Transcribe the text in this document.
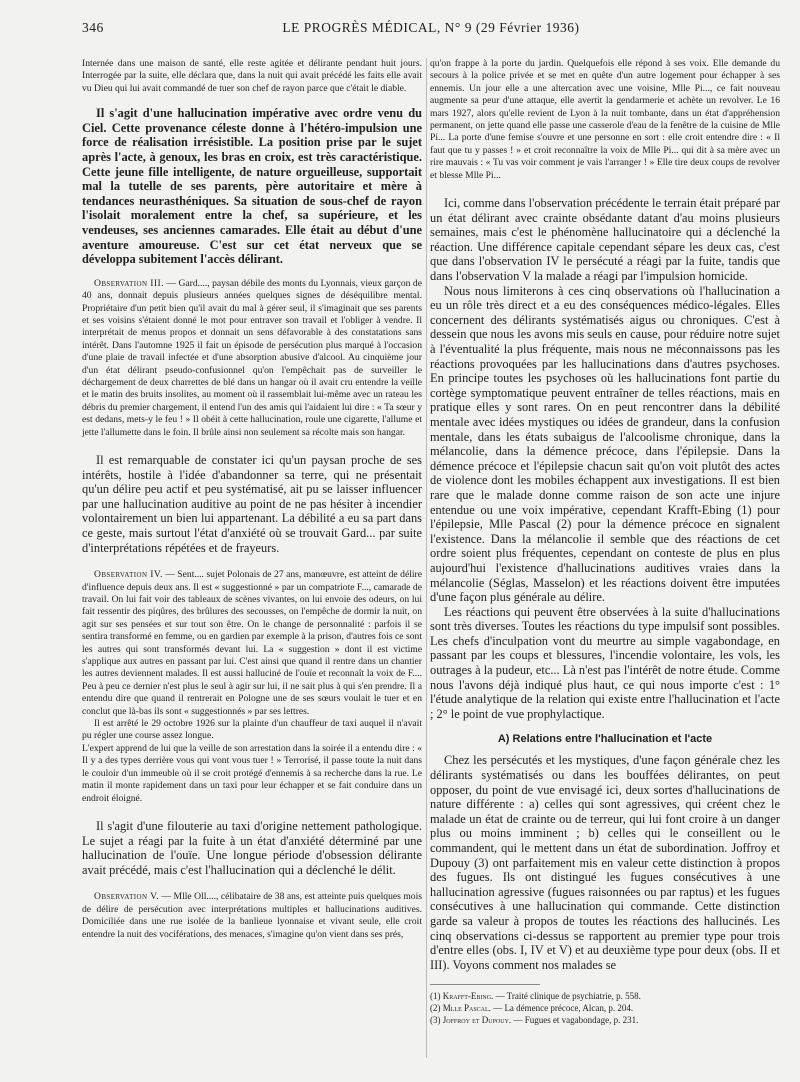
346	LE PROGRÈS MÉDICAL, N° 9 (29 Février 1936)

Internée dans une maison de santé, elle reste agitée et délirante pendant huit jours. Interrogée par la suite, elle déclara que, dans la nuit qui avait précédé les faits elle avait vu Dieu qui lui avait commandé de tuer son chef de rayon parce que c'était le diable.

Il s'agit d'une hallucination impérative avec ordre venu du Ciel. Cette provenance céleste donne à l'hétéro-impulsion une force de réalisation irrésistible. La position prise par le sujet après l'acte, à genoux, les bras en croix, est très caractéristique. Cette jeune fille intelligente, de nature orgueilleuse, supportait mal la tutelle de ses parents, père autoritaire et mère à tendances neurasthéniques. Sa situation de sous-chef de rayon l'isolait moralement entre la chef, sa supérieure, et les vendeuses, ses anciennes camarades. Elle était au début d'une aventure amoureuse. C'est sur cet état nerveux que se développa subitement l'accès délirant.

Observation III. — Gard...., paysan débile des monts du Lyonnais, vieux garçon de 40 ans, donnait depuis plusieurs années quelques signes de déséquilibre mental. Propriétaire d'un petit bien qu'il avait du mal à gérer seul, il s'imaginait que ses parents et ses voisins s'étaient donné le mot pour entraver son travail et l'obliger à vendre. Il interprétait de menus propos et donnait un sens défavorable à des constatations sans intérêt. Dans l'automne 1925 il fait un épisode de persécution plus marqué à l'occasion d'une plaie de travail infectée et d'une absorption abusive d'alcool. Au cinquième jour d'un état délirant pseudo-confusionnel qu'on l'empêchait pas de surveiller le déchargement de deux charrettes de blé dans un hangar où il avait cru entendre la veille et le matin des bruits insolites, au moment où il rassemblait lui-même avec un rateau les débris du premier chargement, il entend l'un des amis qui l'aidaient lui dire : « Ta sœur y est dedans, mets-y le feu ! » Il obéit à cette hallucination, roule une cigarette, l'allume et jette l'allumette dans le foin. Il brûle ainsi non seulement sa récolte mais son hangar.

Il est remarquable de constater ici qu'un paysan proche de ses intérêts, hostile à l'idée d'abandonner sa terre, qui ne présentait qu'un délire peu actif et peu systématisé, ait pu se laisser influencer par une hallucination auditive au point de ne pas hésiter à incendier volontairement un bien lui appartenant. La débilité a eu sa part dans ce geste, mais surtout l'état d'anxiété où se trouvait Gard... par suite d'interprétations répétées et de frayeurs.

Observation IV. — Sent.... sujet Polonais de 27 ans, manœuvre, est atteint de délire d'influence depuis deux ans. Il est « suggestionné » par un compatriote F..., camarade de travail. On lui fait voir des tableaux de scènes vivantes, on lui envoie des odeurs, on lui fait ressentir des piqûres, des brûlures des secousses, on l'empêche de dormir la nuit, on agit sur ses pensées et sur tout son être. On le change de personnalité : parfois il se sentira transformé en femme, ou en gardien par exemple à la prison, d'autres fois ce sont les autres qui sont transformés devant lui. La « suggestion » dont il est victime s'applique aux autres en passant par lui. C'est ainsi que quand il rentre dans un chantier les autres deviennent malades. Il est aussi halluciné de l'ouïe et reconnaît la voix de F.... Peu à peu ce dernier n'est plus le seul à agir sur lui, il ne sait plus à qui s'en prendre. Il a entendu dire que quand il rentrerait en Pologne une de ses sœurs voulait le tuer et en conclut que là-bas ils sont « suggestionnés » par ses lettres.

Il est arrêté le 29 octobre 1926 sur la plainte d'un chauffeur de taxi auquel il n'avait pu régler une course assez longue.

L'expert apprend de lui que la veille de son arrestation dans la soirée il a entendu dire : « Il y a des types derrière vous qui vont vous tuer ! » Terrorisé, il passe toute la nuit dans le couloir d'un immeuble où il se croit protégé d'ennemis à sa recherche dans la rue. Le matin il monte rapidement dans un taxi pour leur échapper et se fait conduire dans un endroit éloigné.

Il s'agit d'une filouterie au taxi d'origine nettement pathologique. Le sujet a réagi par la fuite à un état d'anxiété déterminé par une hallucination de l'ouïe. Une longue période d'obsession délirante avait précédé, mais c'est l'hallucination qui a déclenché le délit.

Observation V. — Mlle Oll...., célibataire de 38 ans, est atteinte puis quelques mois de délire de persécution avec interprétations multiples et hallucinations auditives. Domiciliée dans une rue isolée de la banlieue lyonnaise et vivant seule, elle croit entendre la nuit des vociférations, des menaces, s'imagine qu'on vient dans ses prés,

qu'on frappe à la porte du jardin. Quelquefois elle répond à ses voix. Elle demande du secours à la police privée et se met en quête d'un autre logement pour échapper à ses ennemis. Un jour elle a une altercation avec une voisine, Mlle Pi..., ce fait nouveau augmente sa peur d'une attaque, elle avertit la gendarmerie et achète un revolver. Le 16 mars 1927, alors qu'elle revient de Lyon à la nuit tombante, dans un état d'appréhension permanent, on jette quand elle passe une casserole d'eau de la fenêtre de la cuisine de Mlle Pi... La porte d'une femise s'ouvre et une personne en sort : elle croit entendre dire : « Il faut que tu y passes ! » et croit reconnaître la voix de Mlle Pi... qui dit à sa mère avec un rire mauvais : « Tu vas voir comment je vais l'arranger ! » Elle tire deux coups de revolver et blesse Mlle Pi...

Ici, comme dans l'observation précédente le terrain était préparé par un état délirant avec crainte obsédante datant d'au moins plusieurs semaines, mais c'est le phénomène hallucinatoire qui a déclenché la réaction. Une différence capitale cependant sépare les deux cas, c'est que dans l'observation IV le persécuté a réagi par la fuite, tandis que dans l'observation V la malade a réagi par l'impulsion homicide.

Nous nous limiterons à ces cinq observations où l'hallucination a eu un rôle très direct et a eu des conséquences médico-légales. Elles concernent des délirants systématisés aigus ou chroniques. C'est à dessein que nous les avons mis seuls en cause, pour réduire notre sujet à l'éventualité la plus fréquente, mais nous ne méconnaissons pas les réactions provoquées par les hallucinations dans d'autres psychoses. En principe toutes les psychoses où les hallucinations font partie du cortège symptomatique peuvent entraîner de telles réactions, mais en pratique elles y sont rares. On en peut rencontrer dans la débilité mentale avec idées mystiques ou idées de grandeur, dans la confusion mentale, dans les états subaigus de l'alcoolisme chronique, dans la mélancolie, dans la démence précoce, dans l'épilepsie. Dans la démence précoce et l'épilepsie chacun sait qu'on voit plutôt des actes de violence dont les mobiles échappent aux investigations. Il est bien rare que le malade donne comme raison de son acte une injure entendue ou une voix impérative, cependant Krafft-Ebing (1) pour l'épilepsie, Mlle Pascal (2) pour la démence précoce en signalent l'existence. Dans la mélancolie il semble que des réactions de cet ordre soient plus fréquentes, cependant on conteste de plus en plus aujourd'hui l'existence d'hallucinations auditives vraies dans la mélancolie (Séglas, Masselon) et les réactions doivent être imputées d'une façon plus générale au délire.

Les réactions qui peuvent être observées à la suite d'hallucinations sont très diverses. Toutes les réactions du type impulsif sont possibles. Les chefs d'inculpation vont du meurtre au simple vagabondage, en passant par les coups et blessures, l'incendie volontaire, les vols, les outrages à la pudeur, etc... Là n'est pas l'intérêt de notre étude. Comme nous l'avons déjà indiqué plus haut, ce qui nous importe c'est : 1° l'étude analytique de la relation qui existe entre l'hallucination et l'acte ; 2° le point de vue prophylactique.

A) Relations entre l'hallucination et l'acte

Chez les persécutés et les mystiques, d'une façon générale chez les délirants systématisés ou dans les bouffées délirantes, on peut opposer, du point de vue envisagé ici, deux sortes d'hallucinations de nature différente : a) celles qui sont agressives, qui créent chez le malade un état de crainte ou de terreur, qui lui font croire à un danger plus ou moins imminent ; b) celles qui le conseillent ou le commandent, qui le mettent dans un état de subordination. Joffroy et Dupouy (3) ont parfaitement mis en valeur cette distinction à propos des fugues. Ils ont distingué les fugues consécutives à une hallucination agressive (fugues raisonnées ou par raptus) et les fugues consécutives à une hallucination qui commande. Cette distinction garde sa valeur à propos de toutes les réactions des hallucinés. Les cinq observations ci-dessus se rapportent au premier type pour trois d'entre elles (obs. I, IV et V) et au deuxième type pour deux (obs. II et III). Voyons comment nos malades se

(1) Krafft-Ebing. — Traité clinique de psychiatrie, p. 558.

(2) Mlle Pascal. — La démence précoce, Alcan, p. 204.

(3) Joffroy et Dupouy. — Fugues et vagabondage, p. 231.
